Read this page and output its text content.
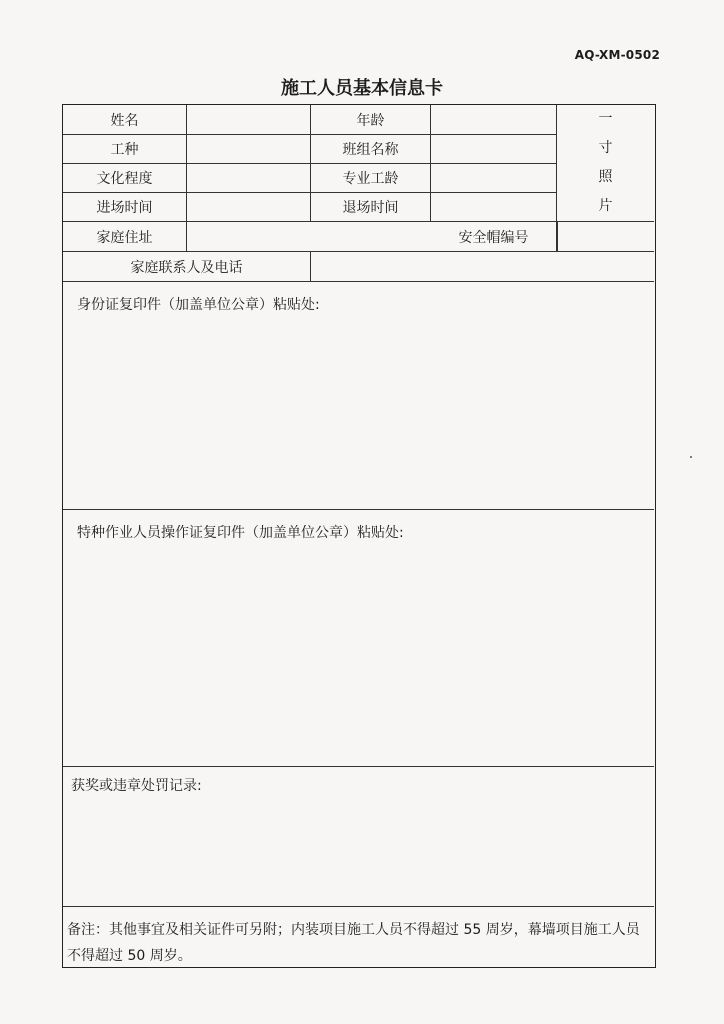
AQ-XM-0502
施工人员基本信息卡
姓名	年龄
工种	班组名称
文化程度	专业工龄
进场时间	退场时间
一
寸
照
片
家庭住址	安全帽编号
家庭联系人及电话
身份证复印件（加盖单位公章）粘贴处:
特种作业人员操作证复印件（加盖单位公章）粘贴处:
获奖或违章处罚记录:
备注：其他事宜及相关证件可另附；内装项目施工人员不得超过 55 周岁，幕墙项目施工人员不得超过 50 周岁。
